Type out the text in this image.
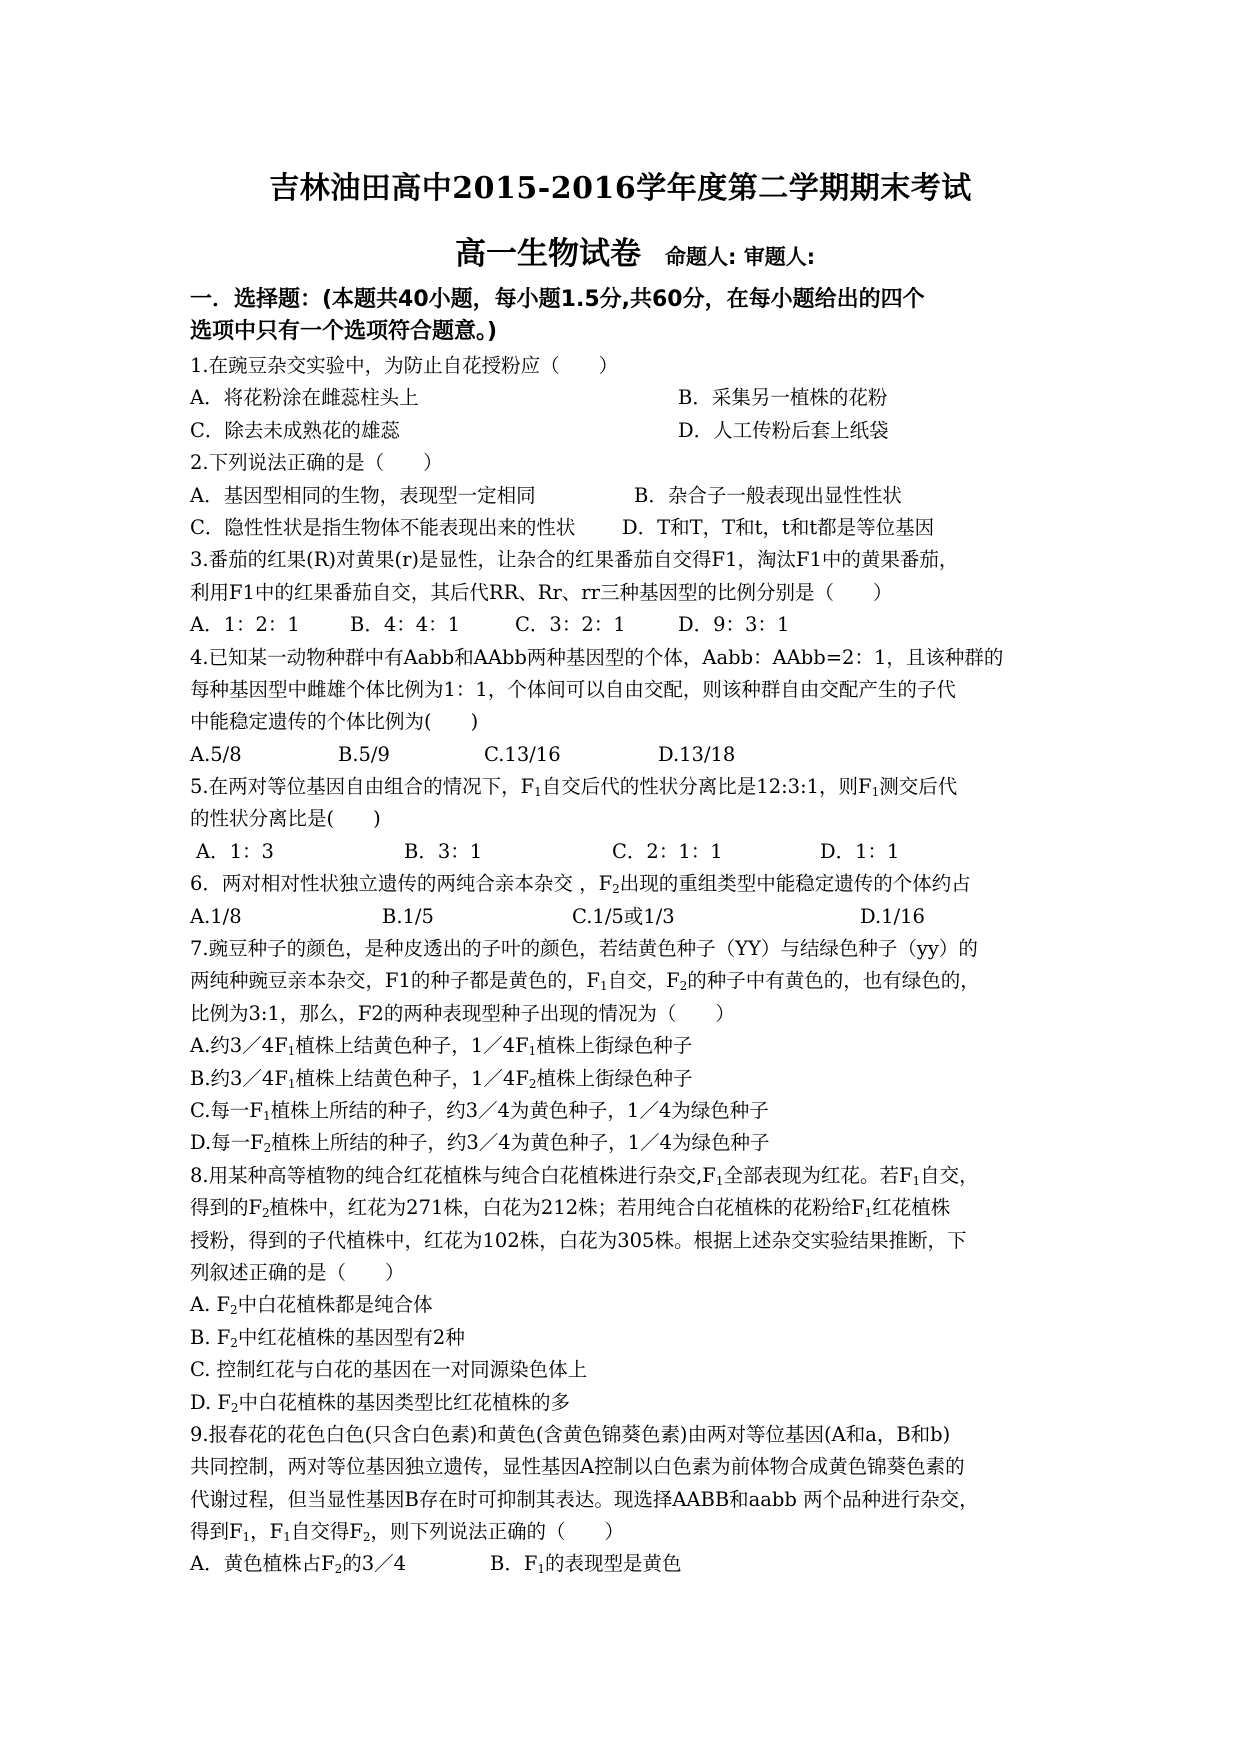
吉林油田高中2015-2016学年度第二学期期末考试
高一生物试卷 命题人: 审题人:
一．选择题：(本题共40小题，每小题1.5分,共60分，在每小题给出的四个
选项中只有一个选项符合题意。)
1.在豌豆杂交实验中，为防止自花授粉应（　　）
A．将花粉涂在雌蕊柱头上	B．采集另一植株的花粉
C．除去未成熟花的雄蕊	D．人工传粉后套上纸袋
2.下列说法正确的是（　　）
A．基因型相同的生物，表现型一定相同	B．杂合子一般表现出显性性状
C．隐性性状是指生物体不能表现出来的性状 D．T和T，T和t，t和t都是等位基因
3.番茄的红果(R)对黄果(r)是显性，让杂合的红果番茄自交得F1，淘汰F1中的黄果番茄，
利用F1中的红果番茄自交，其后代RR、Rr、rr三种基因型的比例分别是（　　）
A．1：2：1	B．4：4：1	C．3：2：1	D．9：3：1
4.已知某一动物种群中有Aabb和AAbb两种基因型的个体，Aabb：AAbb=2：1，且该种群的
每种基因型中雌雄个体比例为1：1，个体间可以自由交配，则该种群自由交配产生的子代
中能稳定遗传的个体比例为(　　)
A.5/8	B.5/9	C.13/16	D.13/18
5.在两对等位基因自由组合的情况下，$F_1$自交后代的性状分离比是12:3:1，则$F_1$测交后代
的性状分离比是(　　)
A．1：3	B．3：1	C．2：1：1	D．1：1
6．两对相对性状独立遗传的两纯合亲本杂交 ，$F_2$出现的重组类型中能稳定遗传的个体约占
A.1/8	B.1/5	C.1/5或1/3	D.1/16
7.豌豆种子的颜色，是种皮透出的子叶的颜色，若结黄色种子（YY）与结绿色种子（yy）的
两纯种豌豆亲本杂交，F1的种子都是黄色的，$F_1$自交，$F_2$的种子中有黄色的，也有绿色的，
比例为3:1，那么，F2的两种表现型种子出现的情况为（　　）
A.约$3/4F_1$植株上结黄色种子，$1/4F_1$植株上街绿色种子
B.约$3/4F_1$植株上结黄色种子，$1/4F_2$植株上街绿色种子
C.每一$F_1$植株上所结的种子，约3／4为黄色种子，1／4为绿色种子
D.每一$F_2$植株上所结的种子，约3／4为黄色种子，1／4为绿色种子
8.用某种高等植物的纯合红花植株与纯合白花植株进行杂交$,F_1$全部表现为红花。若$F_1$自交，
得到的$F_2$植株中，红花为271株，白花为212株；若用纯合白花植株的花粉给$F_1$红花植株
授粉，得到的子代植株中，红花为102株，白花为305株。根据上述杂交实验结果推断，下
列叙述正确的是（　　）
A. $F_2$中白花植株都是纯合体
B. $F_2$中红花植株的基因型有2种
C. 控制红花与白花的基因在一对同源染色体上
D. $F_2$中白花植株的基因类型比红花植株的多
9.报春花的花色白色(只含白色素)和黄色(含黄色锦葵色素)由两对等位基因(A和a，B和b)
共同控制，两对等位基因独立遗传，显性基因A控制以白色素为前体物合成黄色锦葵色素的
代谢过程，但当显性基因B存在时可抑制其表达。现选择AABB和aabb 两个品种进行杂交，
得到$F_1$，$F_1$自交得$F_2$，则下列说法正确的（　　）
A．黄色植株占$F_2$的3／4	B．$F_1$的表现型是黄色
